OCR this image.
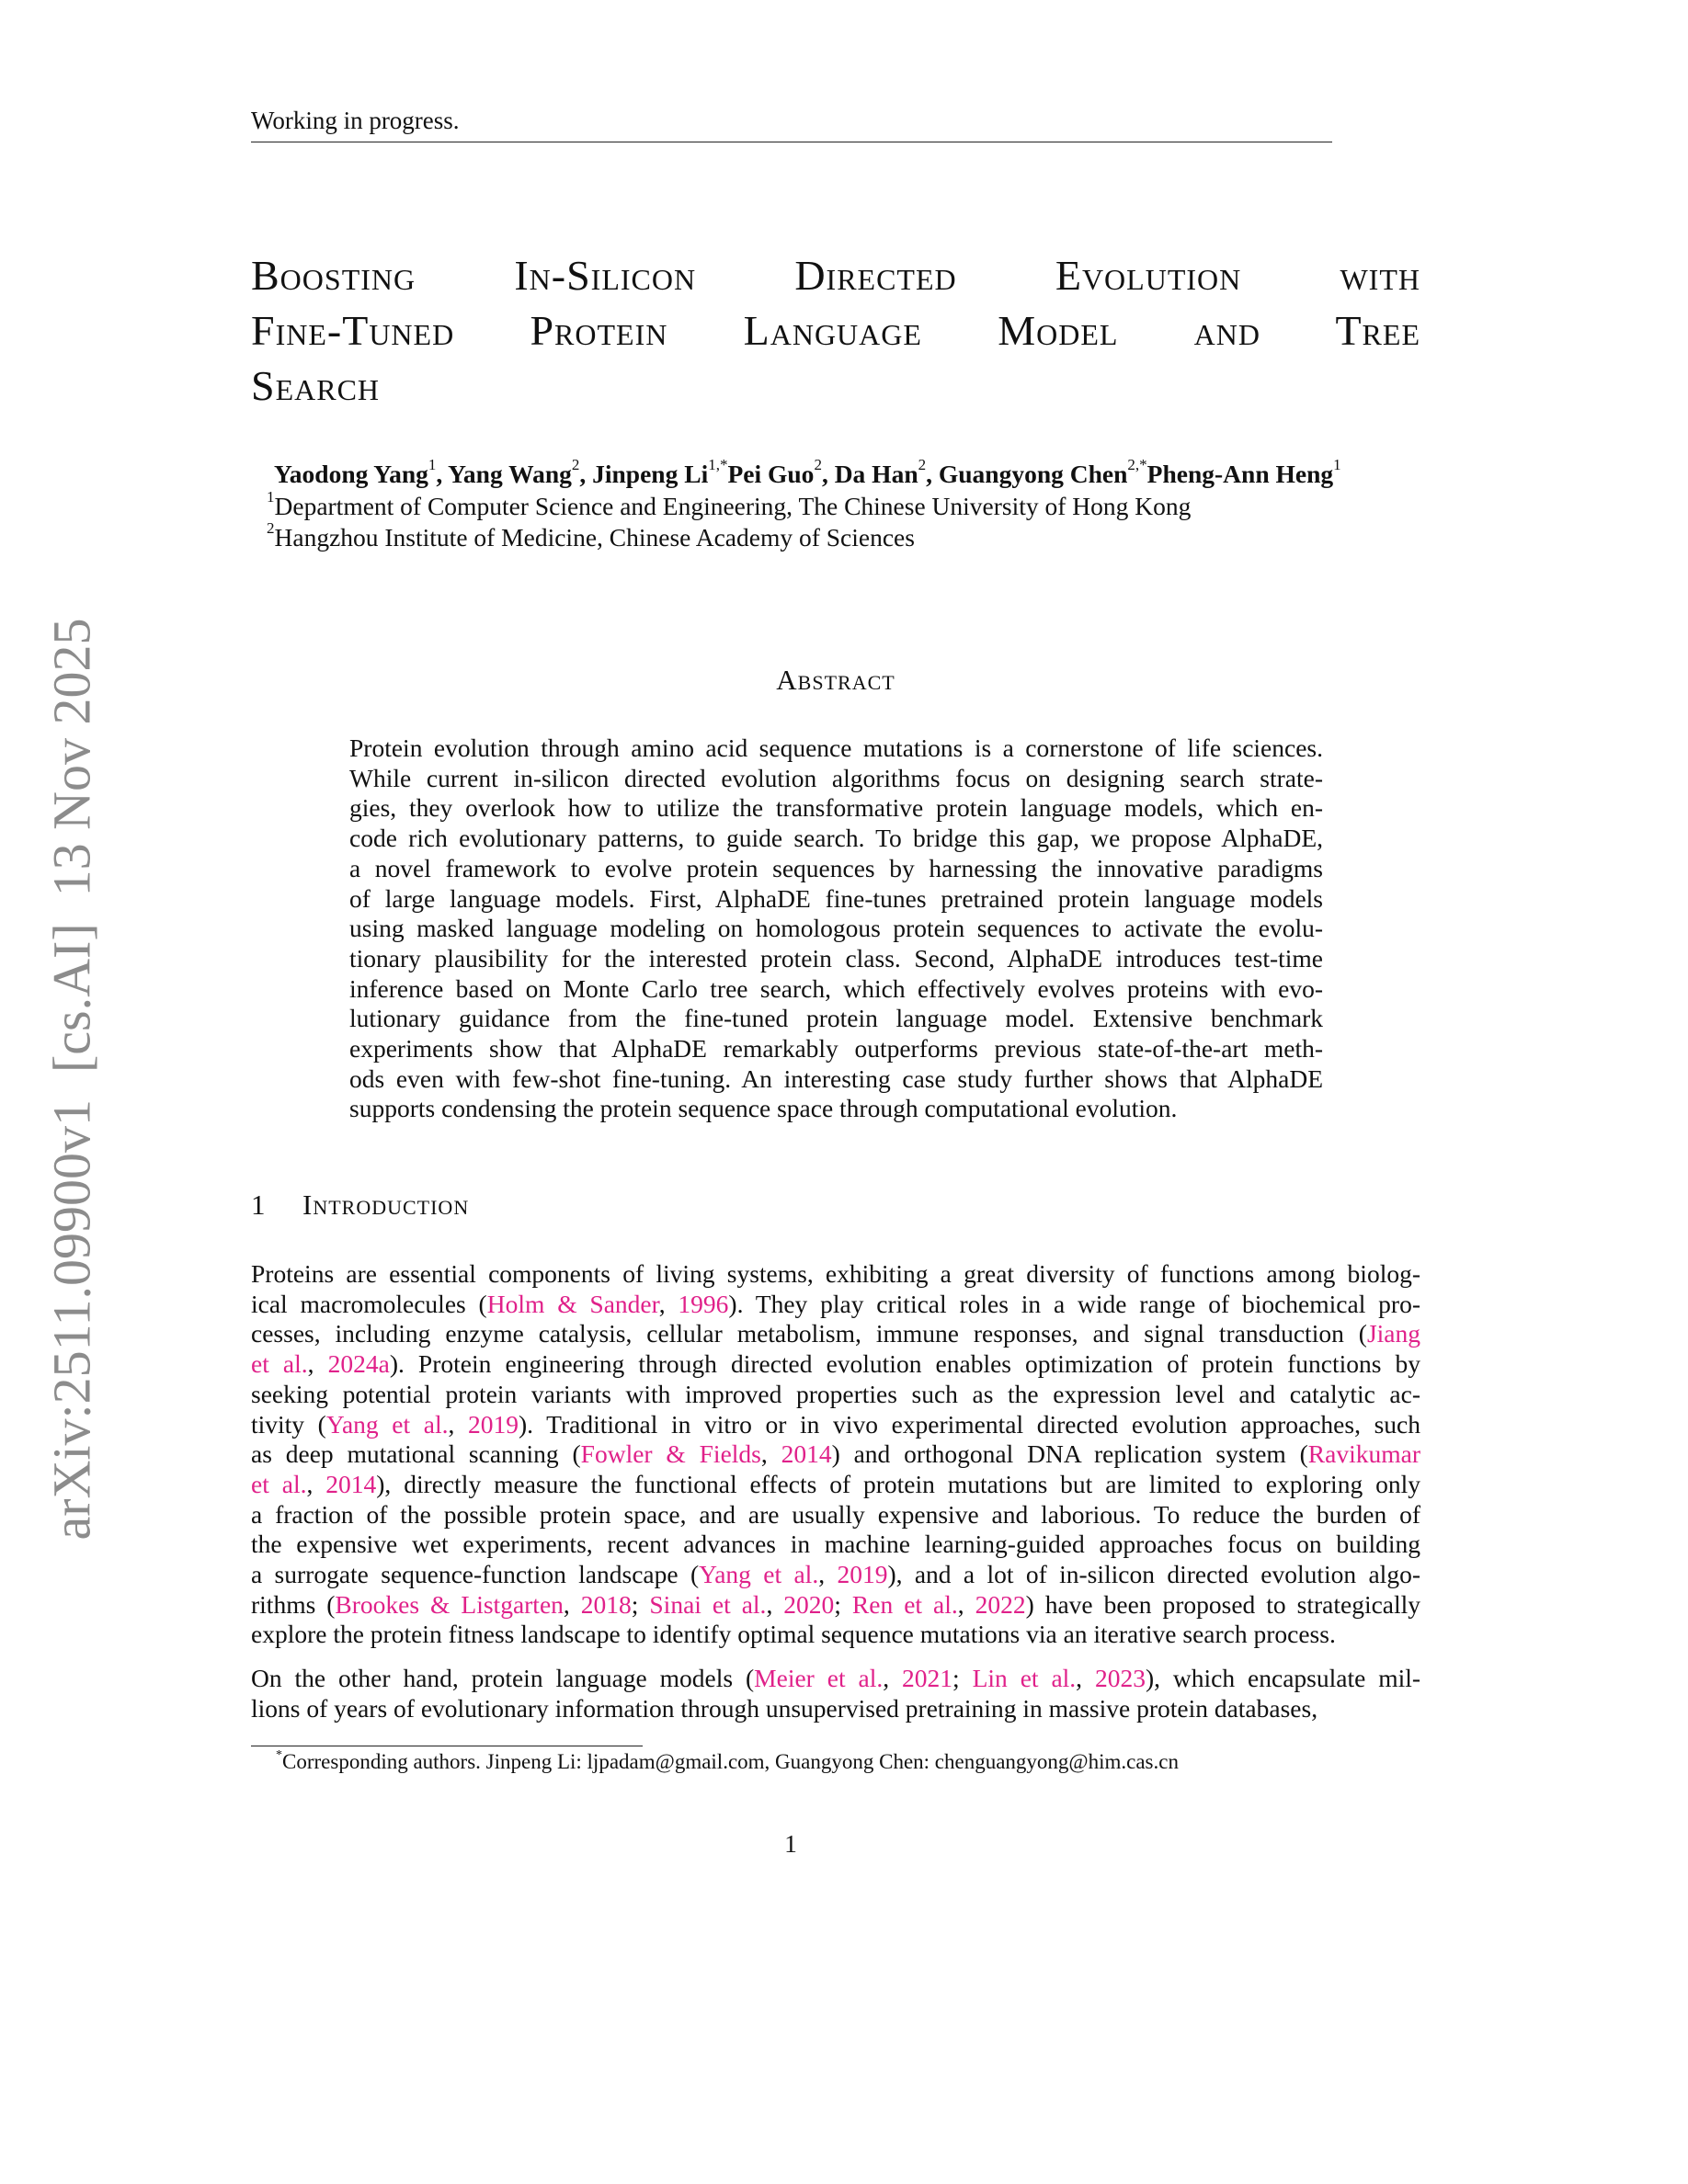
Working in progress.
Boosting In-Silicon Directed Evolution with
Fine-Tuned Protein Language Model and Tree
Search
Yaodong Yang$^1$, Yang Wang$^2$, Jinpeng $Li^{1,*}Pei$ Guo$^2$, Da Han$^2$, Guangyong Chen$^{2,*}$Pheng-Ann Heng$^1$
$^1$Department of Computer Science and Engineering, The Chinese University of Hong Kong
$^2$Hangzhou Institute of Medicine, Chinese Academy of Sciences
Abstract
Protein evolution through amino acid sequence mutations is a cornerstone of life sciences.
While current in-silicon directed evolution algorithms focus on designing search strate-
gies, they overlook how to utilize the transformative protein language models, which en-
code rich evolutionary patterns, to guide search. To bridge this gap, we propose AlphaDE,
a novel framework to evolve protein sequences by harnessing the innovative paradigms
of large language models. First, AlphaDE fine-tunes pretrained protein language models
using masked language modeling on homologous protein sequences to activate the evolu-
tionary plausibility for the interested protein class. Second, AlphaDE introduces test-time
inference based on Monte Carlo tree search, which effectively evolves proteins with evo-
lutionary guidance from the fine-tuned protein language model. Extensive benchmark
experiments show that AlphaDE remarkably outperforms previous state-of-the-art meth-
ods even with few-shot fine-tuning. An interesting case study further shows that AlphaDE
supports condensing the protein sequence space through computational evolution.
1 Introduction
Proteins are essential components of living systems, exhibiting a great diversity of functions among biolog-
ical macromolecules (Holm & Sander, 1996). They play critical roles in a wide range of biochemical pro-
cesses, including enzyme catalysis, cellular metabolism, immune responses, and signal transduction (Jiang
et al., 2024a). Protein engineering through directed evolution enables optimization of protein functions by
seeking potential protein variants with improved properties such as the expression level and catalytic ac-
tivity (Yang et al., 2019). Traditional in vitro or in vivo experimental directed evolution approaches, such
as deep mutational scanning (Fowler & Fields, 2014) and orthogonal DNA replication system (Ravikumar
et al., 2014), directly measure the functional effects of protein mutations but are limited to exploring only
a fraction of the possible protein space, and are usually expensive and laborious. To reduce the burden of
the expensive wet experiments, recent advances in machine learning-guided approaches focus on building
a surrogate sequence-function landscape (Yang et al., 2019), and a lot of in-silicon directed evolution algo-
rithms (Brookes & Listgarten, 2018; Sinai et al., 2020; Ren et al., 2022) have been proposed to strategically
explore the protein fitness landscape to identify optimal sequence mutations via an iterative search process.
On the other hand, protein language models (Meier et al., 2021; Lin et al., 2023), which encapsulate mil-
lions of years of evolutionary information through unsupervised pretraining in massive protein databases,
*Corresponding authors. Jinpeng Li: ljpadam@gmail.com, Guangyong Chen: chenguangyong@him.cas.cn
1
arXiv:2511.09900v1  [cs.AI]  13 Nov 2025
